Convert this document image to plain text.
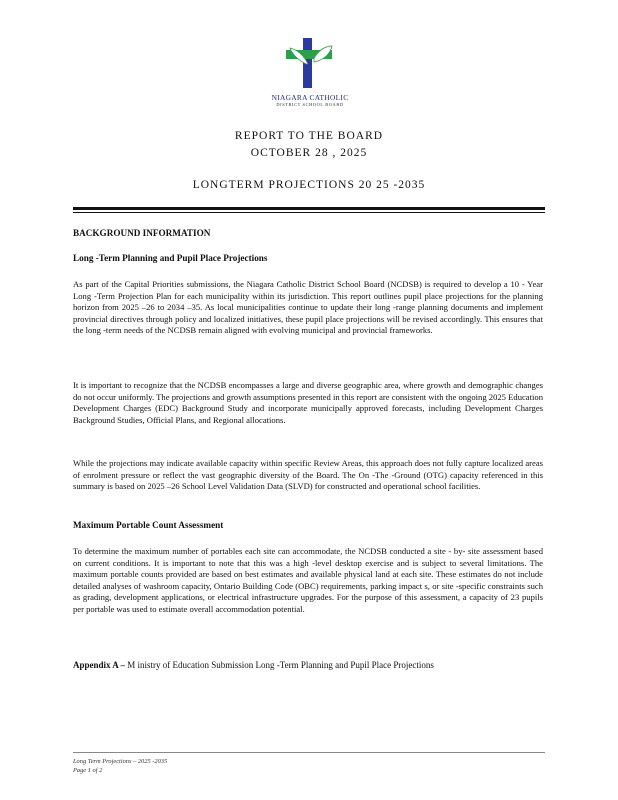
NIAGARA CATHOLIC
DISTRICT SCHOOL BOARD
REPORT TO THE BOARD
OCTOBER 28 , 2025
LONGTERM PROJECTIONS 20 25 -2035
BACKGROUND INFORMATION
Long -Term Planning and Pupil Place Projections

As part of the Capital Priorities submissions, the Niagara Catholic District School Board (NCDSB) is required to develop a 10 - Year Long -Term Projection Plan for each municipality within its jurisdiction. This report outlines pupil place projections for the planning horizon from 2025 –26 to 2034 –35. As local municipalities continue to update their long -range planning documents and implement provincial directives through policy and localized initiatives, these pupil place projections will be revised accordingly. This ensures that the long -term needs of the NCDSB remain aligned with evolving municipal and provincial frameworks.

It is important to recognize that the NCDSB encompasses a large and diverse geographic area, where growth and demographic changes do not occur uniformly. The projections and growth assumptions presented in this report are consistent with the ongoing 2025 Education Development Charges (EDC) Background Study and incorporate municipally approved forecasts, including Development Charges Background Studies, Official Plans, and Regional allocations.

While the projections may indicate available capacity within specific Review Areas, this approach does not fully capture localized areas of enrolment pressure or reflect the vast geographic diversity of the Board. The On -The -Ground (OTG) capacity referenced in this summary is based on 2025 –26 School Level Validation Data (SLVD) for constructed and operational school facilities.

Maximum Portable Count Assessment

To determine the maximum number of portables each site can accommodate, the NCDSB conducted a site - by- site assessment based on current conditions. It is important to note that this was a high -level desktop exercise and is subject to several limitations. The maximum portable counts provided are based on best estimates and available physical land at each site. These estimates do not include detailed analyses of washroom capacity, Ontario Building Code (OBC) requirements, parking impact s, or site -specific constraints such as grading, development applications, or electrical infrastructure upgrades. For the purpose of this assessment, a capacity of 23 pupils per portable was used to estimate overall accommodation potential.

Appendix A – M inistry of Education Submission Long -Term Planning and Pupil Place Projections
Long Term Projections – 2025 -2035
Page 1 of 2
